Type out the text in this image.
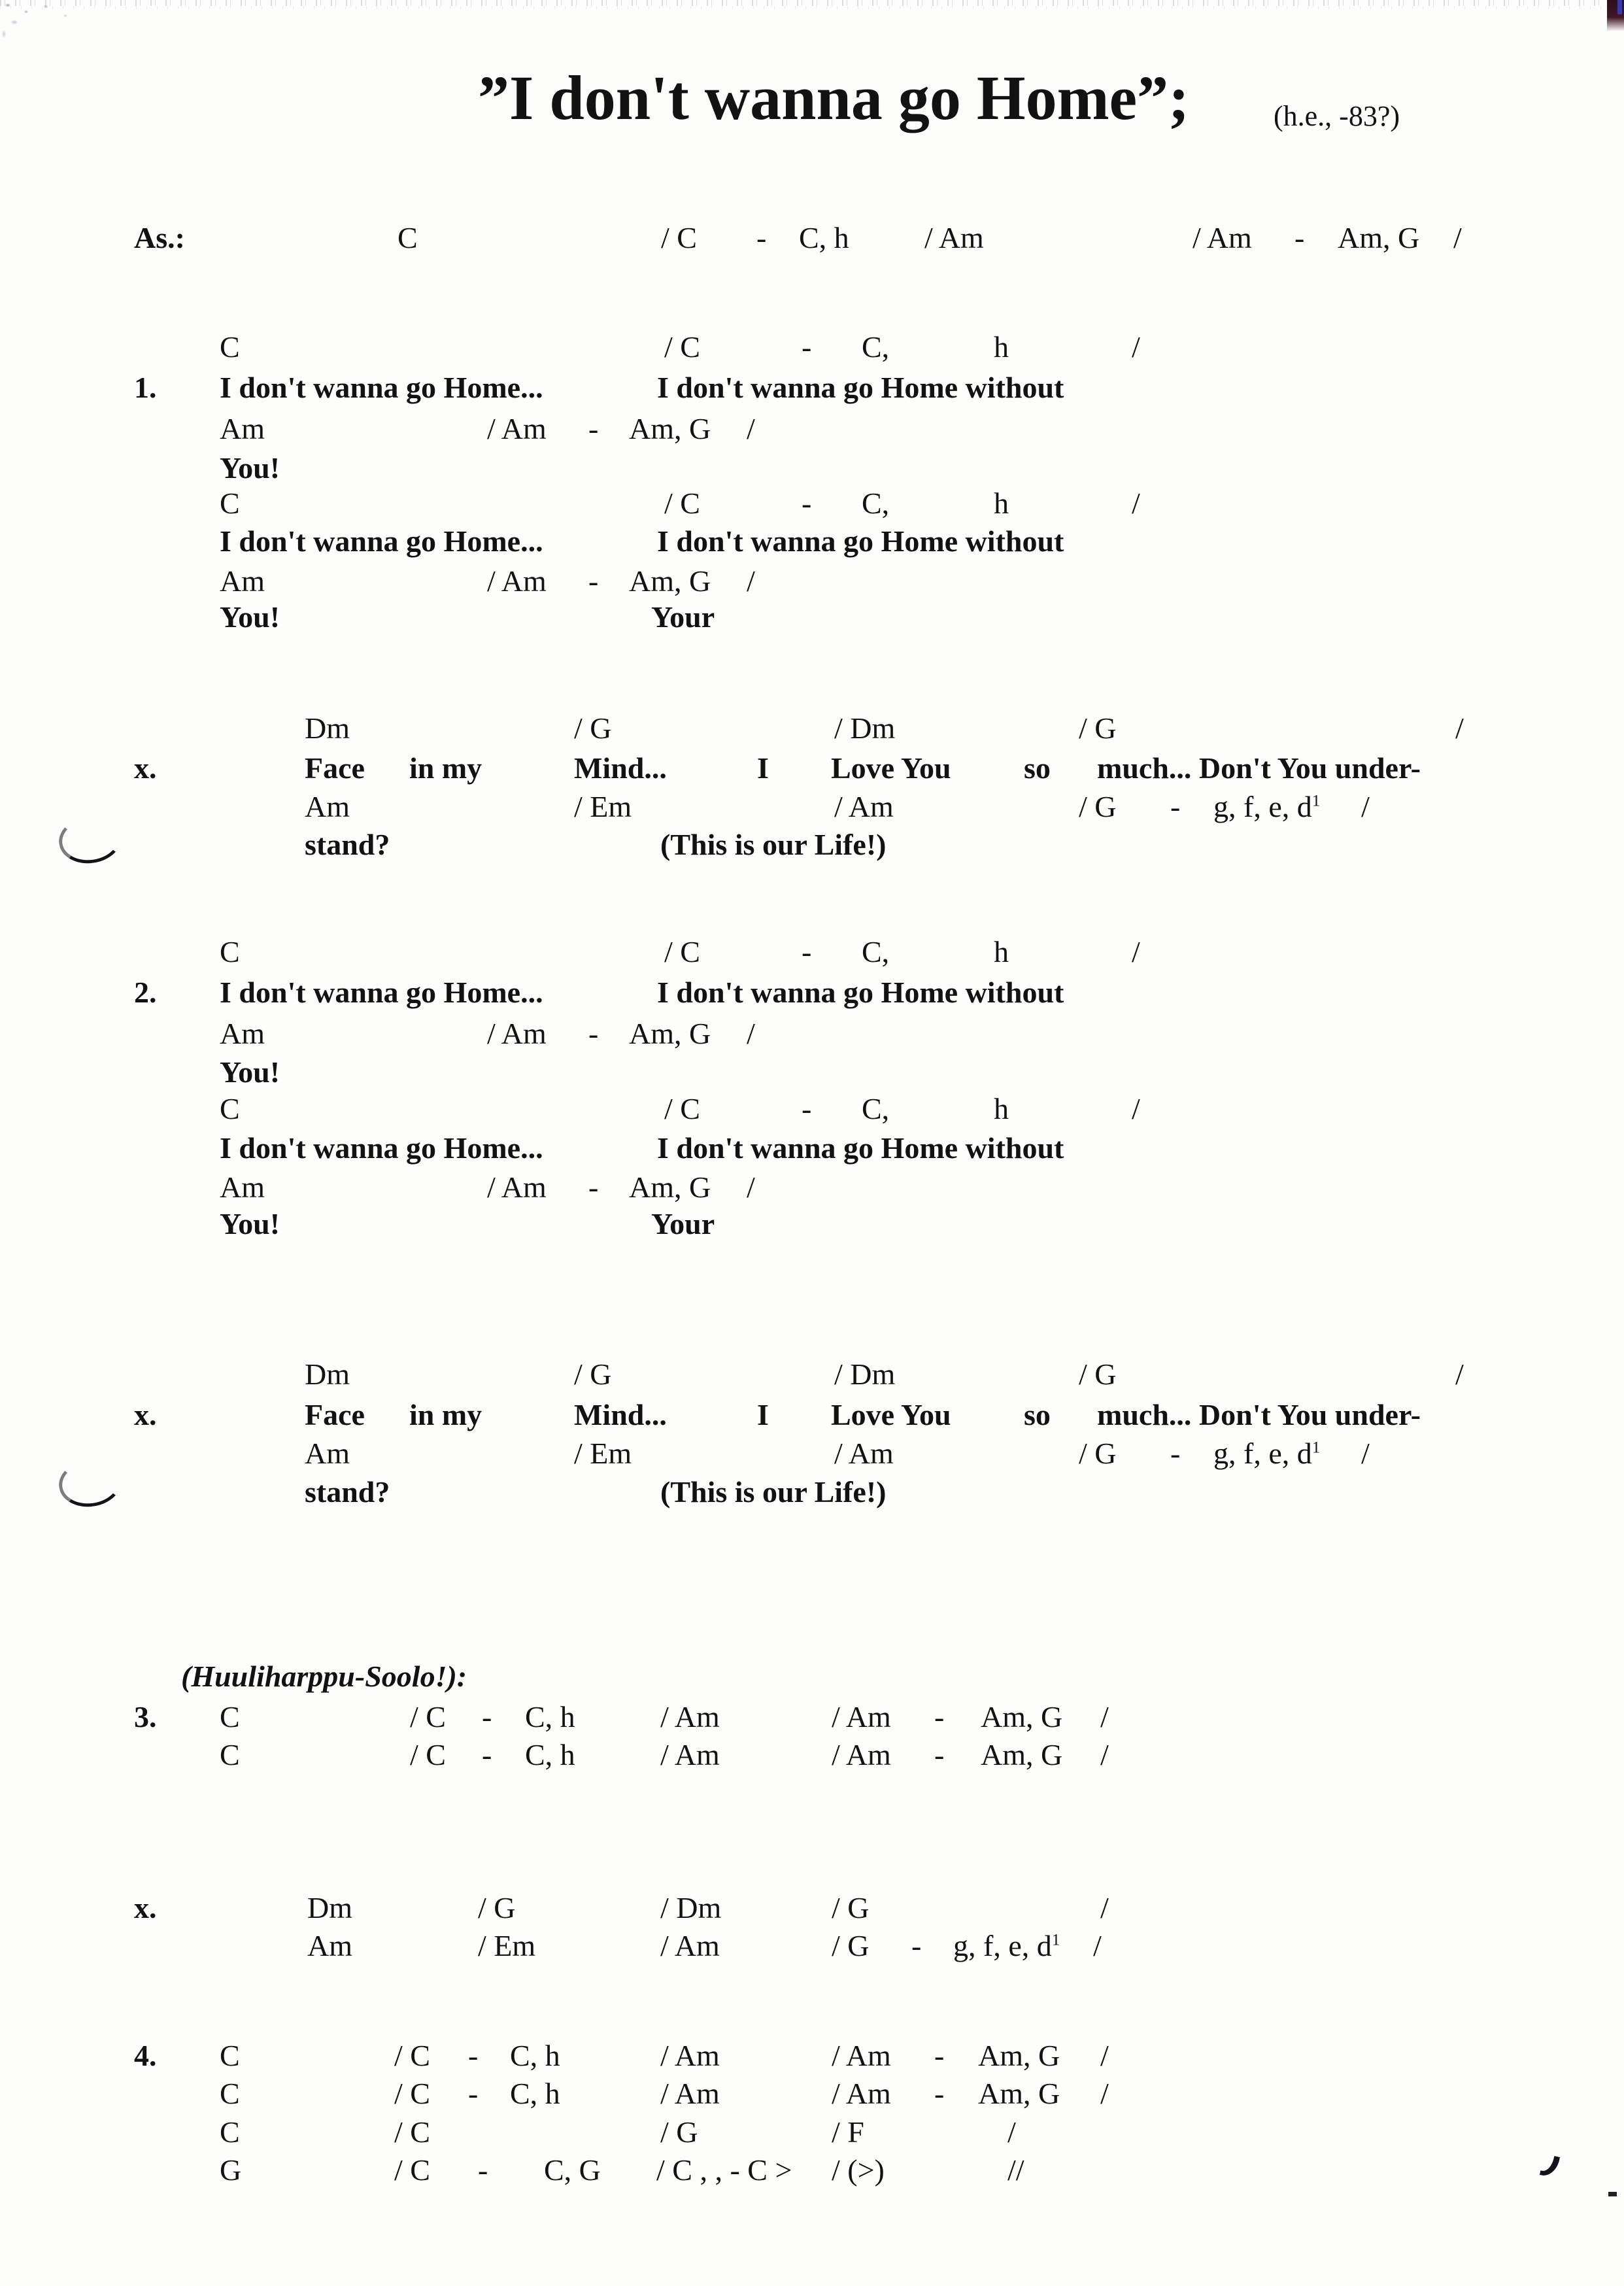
”I don't wanna go Home”;	(h.e., -83?)
As.:	C	/ C - C, h	/ Am	/ Am - Am, G /
C	/ C	- C,	h	/
1. I don't wanna go Home...	I don't wanna go Home without
Am	/ Am - Am, G /
You!
C	/ C	- C,	h	/
I don't wanna go Home...	I don't wanna go Home without
Am	/ Am - Am, G /
You!	Your
Dm	/ G	/ Dm	/ G	/
x.	Face in my	Mind...	I Love You so much... Don't You under-
Am	/ Em	/ Am	/ G - g, f, e, $d^1$ /
stand?	(This is our Life!)
C	/ C	- C,	h	/
2. I don't wanna go Home...	I don't wanna go Home without
Am	/ Am - Am, G /
You!
C	/ C	- C,	h	/
I don't wanna go Home...	I don't wanna go Home without
Am	/ Am - Am, G /
You!	Your
Dm	/ G	/ Dm	/ G	/
x.	Face in my	Mind...	I Love You so much... Don't You under-
Am	/ Em	/ Am	/ G - g, f, e, $d^1$ /
stand?	(This is our Life!)
(Huuliharppu-Soolo!):
3. C	/ C - C, h	/ Am	/ Am - Am, G /
C	/ C - C, h	/ Am	/ Am - Am, G /
x.	Dm	/ G	/ Dm	/ G	/
Am	/ Em	/ Am	/ G - g, f, e, $d^1$ /
4. C	/ C - C, h	/ Am	/ Am - Am, G /
C	/ C - C, h	/ Am	/ Am - Am, G /
C	/ C	/ G	/ F	/
G	/ C - C, G / C , , - C > / (>)	//
